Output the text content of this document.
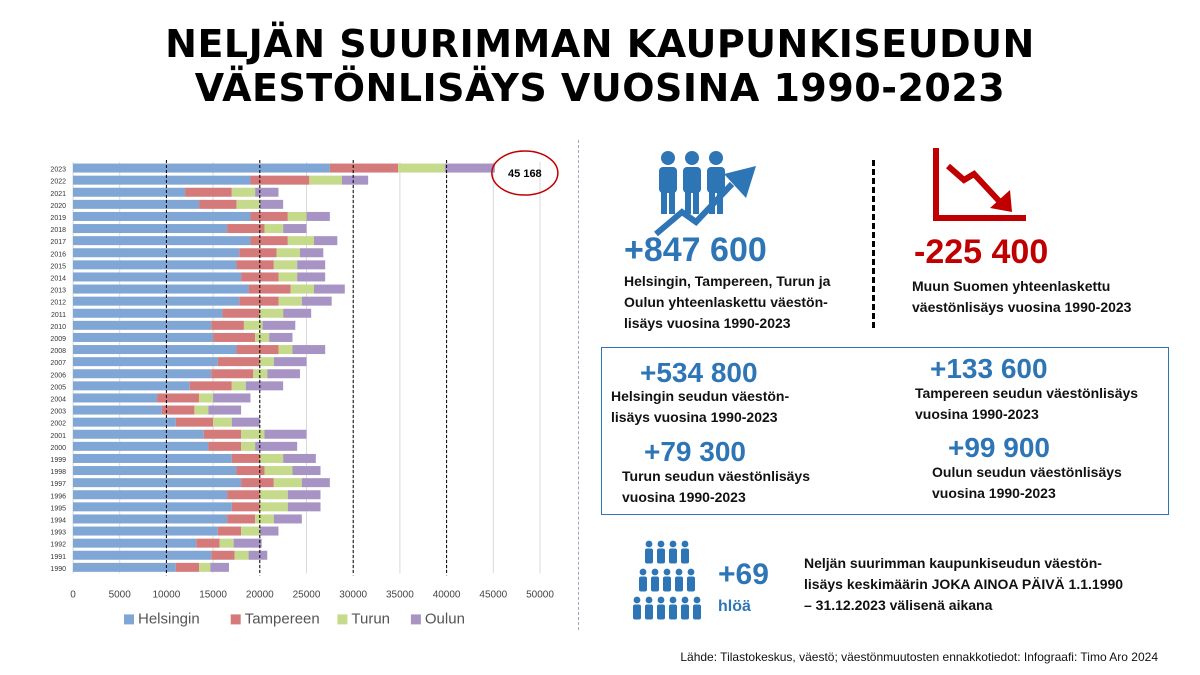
NELJÄN SUURIMMAN KAUPUNKISEUDUN
VÄESTÖNLISÄYS VUOSINA 1990-2023
1990
1991
1992
1993
1994
1995
1996
1997
1998
1999
2000
2001
2002
2003
2004
2005
2006
2007
2008
2009
2010
2011
2012
2013
2014
2015
2016
2017
2018
2019
2020
2021
2022
2023
0	5000 10000 15000 20000 25000 30000 35000 40000 45000 50000
45 168
Helsingin	Tampereen Turun Oulun
+847 600
Helsingin, Tampereen, Turun ja
Oulun yhteenlaskettu väestön-
lisäys vuosina 1990-2023
-225 400
Muun Suomen yhteenlaskettu
väestönlisäys vuosina 1990-2023
+534 800
Helsingin seudun väestön-
lisäys vuosina 1990-2023
+133 600
Tampereen seudun väestönlisäys
vuosina 1990-2023
+79 300
Turun seudun väestönlisäys
vuosina 1990-2023
+99 900
Oulun seudun väestönlisäys
vuosina 1990-2023
+69
hlöä
Neljän suurimman kaupunkiseudun väestön-
lisäys keskimäärin JOKA AINOA PÄIVÄ 1.1.1990
– 31.12.2023 välisenä aikana
Lähde: Tilastokeskus, väestö; väestönmuutosten ennakkotiedot: Infograafi: Timo Aro 2024
